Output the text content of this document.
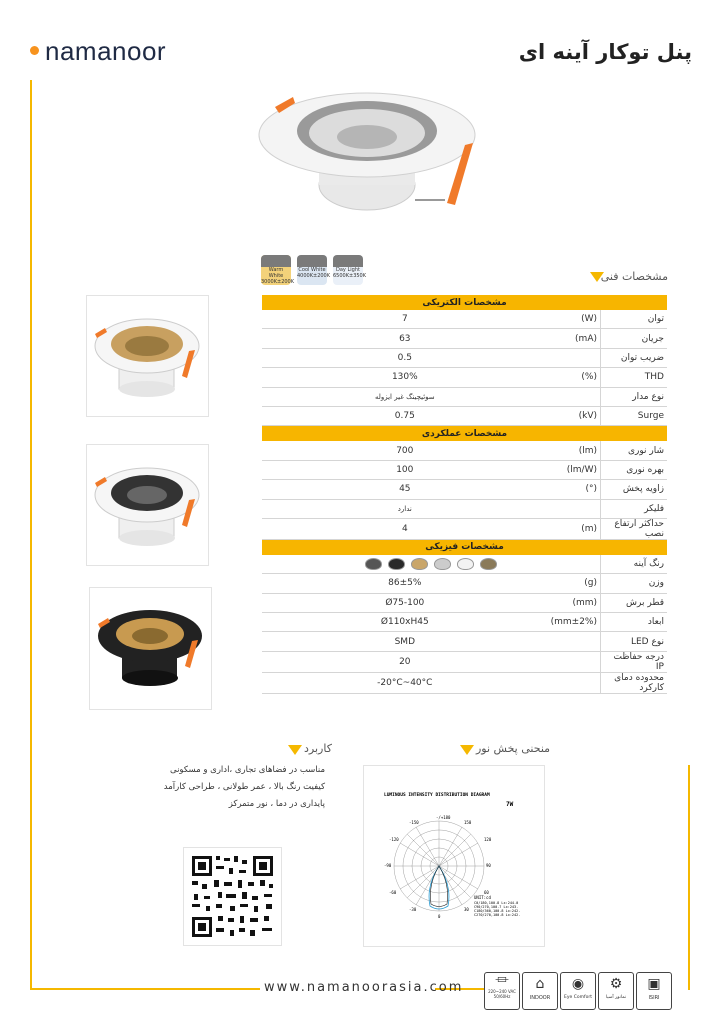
namanoor	پنل توکار آینه ای
www.namanoorasia.com
Warm White
3000K±200K
Cool White
4000K±200K
Day Light
6500K±350K	مشخصات فنی
مشخصات الکتریکی		
7	(W)	توان
63	(mA)	جریان
0.5		ضریب توان
130%	(%)	THD
سوئیچینگ غیر ایزوله		نوع مدار
0.75	(kV)	Surge
مشخصات عملکردی		
700	(lm)	شار نوری
100	(lm/W)	بهره نوری
45	(°)	زاویه پخش
ندارد		فلیکر
4	(m)	حداکثر ارتفاع نصب
مشخصات فیزیکی		
		رنگ آینه
86±5%	(g)	وزن
Ø75-100	(mm)	قطر برش
Ø110xH45	(mm±2%)	ابعاد
SMD		نوع LED
20		درجه حفاظت IP
-20°C~40°C		محدوده دمای کارکرد
منحنی پخش نور
کاربرد

مناسب در فضاهای تجاری ،اداری و مسکونی

کیفیت رنگ بالا ، عمر طولانی ، طراحی کارآمد

پایداری در دما ، نور متمرکز

LUMINOUS INTENSITY DISTRIBUTION DIAGRAM
7W
-/+180
-150	150
-120	120
-90	90
-60	60
-30	30
0
UNIT:cd
C0/180,100.8 Lx:244.0
C90/270,100.7 Lx:243.
C180/360,100.8 Lx:242.
C270/270,100.8 Lx:242.
⏛
220~240 VAC 50/60Hz
⌂
INDOOR
◉
Eye Comfort
⚙
نمانور آسیا
▣
ISIRI
